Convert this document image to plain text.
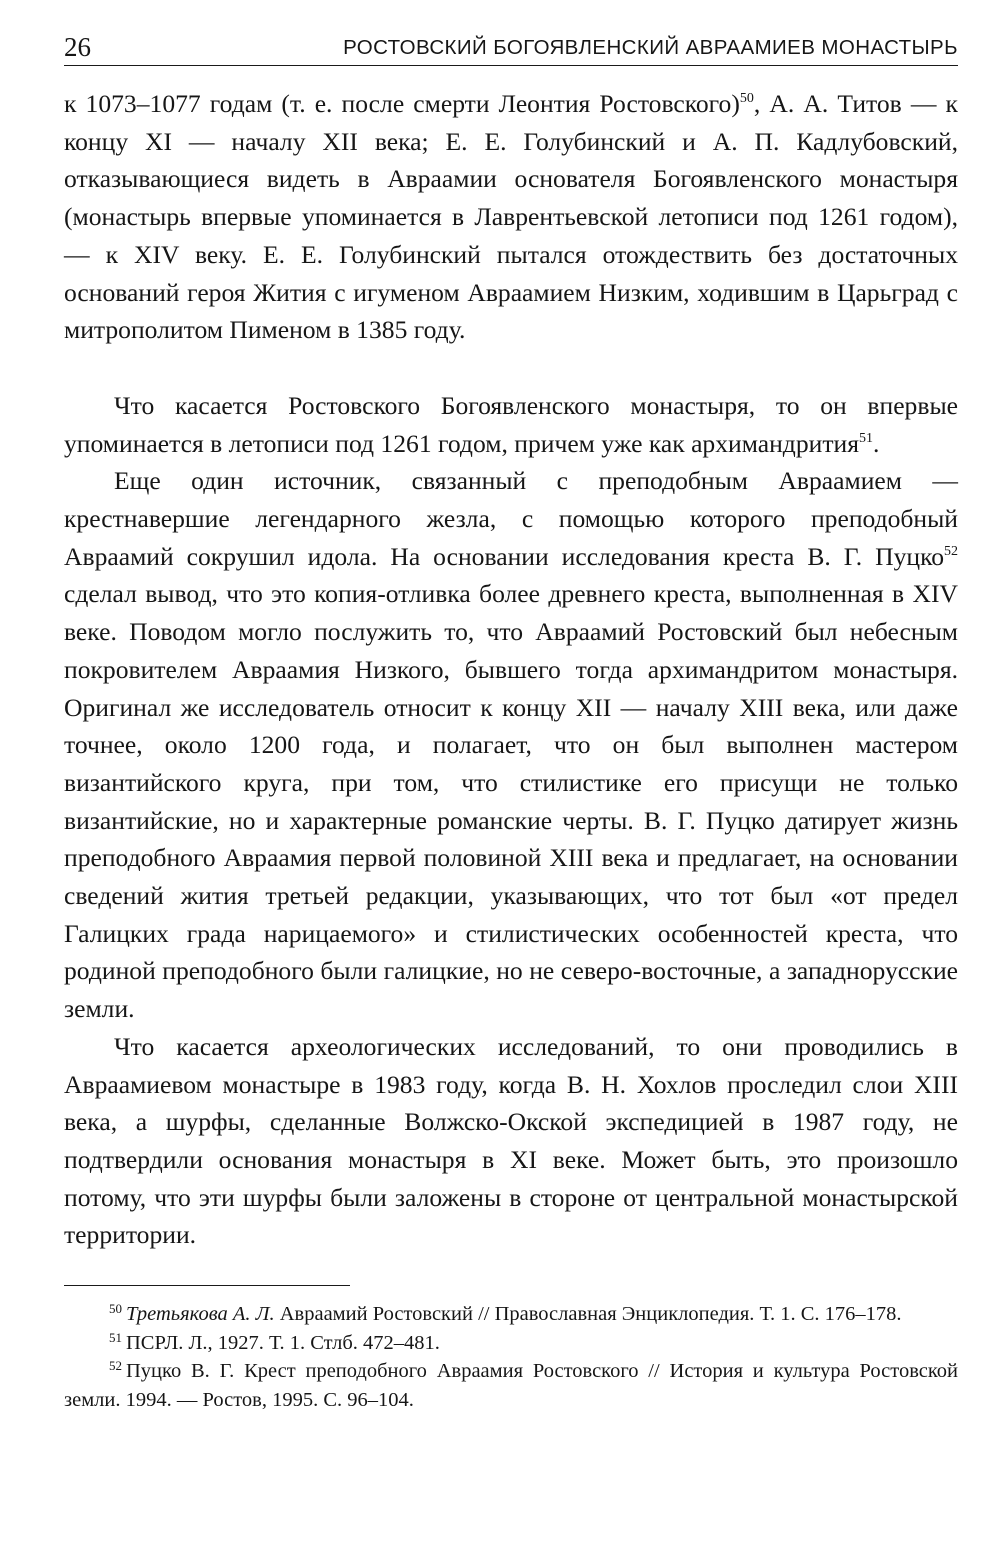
26	РОСТОВСКИЙ БОГОЯВЛЕНСКИЙ АВРААМИЕВ МОНАСТЫРЬ

к 1073–1077 годам (т. е. после смерти Леонтия Ростовского)$^{50}$, А. А. Титов — к концу XI — началу XII века; Е. Е. Голубинский и А. П. Кадлубовский, отказывающиеся видеть в Аврaамии основателя Богоявленского монастыря (монастырь впервые упоминается в Лаврентьевской летописи под 1261 годом), — к XIV веку. Е. Е. Голубинский пытался отождествить без достаточных оснований героя Жития с игуменом Авраамием Низким, ходившим в Царьград с митрополитом Пименом в 1385 году.

Что касается Ростовского Богоявленского монастыря, то он впервые упоминается в летописи под 1261 годом, причем уже как архимандрития$^{51}$.

Еще один источник, связанный с преподобным Авраамием — крестнавершие легендарного жезла, с помощью которого преподобный Аврaамий сокрушил идола. На основании исследования креста В. Г. Пуцко$^{52}$ сделал вывод, что это копия-отливка более древнего креста, выполненная в XIV веке. Поводом могло послужить то, что Авраамий Ростовский был небесным покровителем Авраамия Низкого, бывшего тогда архимандритом монастыря. Оригинал же исследователь относит к концу XII — началу XIII века, или даже точнее, около 1200 года, и полагает, что он был выполнен мастером византийского круга, при том, что стилистике его присущи не только византийские, но и характерные романские черты. В. Г. Пуцко датирует жизнь преподобного Авраамия первой половиной XIII века и предлагает, на основании сведений жития третьей редакции, указывающих, что тот был «от предел Галицких града нарицаемого» и стилистических особенностей креста, что родиной преподобного были галицкие, но не северо-восточные, а западнорусские земли.

Что касается археологических исследований, то они проводились в Авраамиевом монастыре в 1983 году, когда В. Н. Хохлов проследил слои XIII века, а шурфы, сделанные Волжско-Окской экспедицией в 1987 году, не подтвердили основания монастыря в XI веке. Может быть, это произошло потому, что эти шурфы были заложены в стороне от центральной монастырской территории.

$^{50}$ Третьякова А. Л. Авраамий Ростовский // Православная Энциклопедия. Т. 1. С. 176–178.

$^{51}$ ПСРЛ. Л., 1927. Т. 1. Стлб. 472–481.

$^{52}$ Пуцко В. Г. Крест преподобного Авраамия Ростовского // История и культура Ростовской земли. 1994. — Ростов, 1995. С. 96–104.
